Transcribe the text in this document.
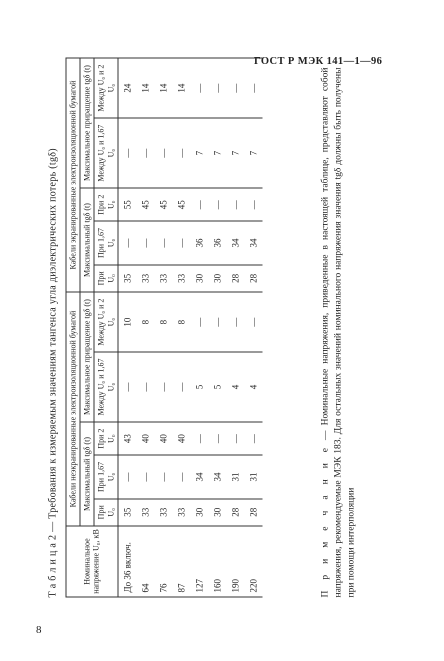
ГОСТ Р МЭК 141—1—96
8
Т а б л и ц а 2 — Требования к измеряемым значениям тангенса угла диэлектрических потерь (tgδ)	Номинальное напряжение U₀, кВ	Кабели неэкранированные электроизоляционной бумагой					Кабели экранированные электроизоляционной бумагой				
	Максимальный tgδ (t)			Максимальное приращение tgδ (t)		Максимальный tgδ (t)			Максимальное приращение tgδ (t)	
	При U₀	При 1,67 U₀	При 2 U₀	Между U₀ и 1,67 U₀	Между U₀ и 2 U₀	При U₀	При 1,67 U₀	При 2 U₀	Между U₀ и 1,67 U₀	Между U₀ и 2 U₀
До 36 включ.	35	—	43	—	10	35	—	55	—	24
64	33	—	40	—	8	33	—	45	—	14
76	33	—	40	—	8	33	—	45	—	14
87	33	—	40	—	8	33	—	45	—	14
127	30	34	—	5	—	30	36	—	7	—
160	30	34	—	5	—	30	36	—	7	—
190	28	31	—	4	—	28	34	—	7	—
220	28	31	—	4	—	28	34	—	7	—
П р и м е ч а н и е — Номинальные напряжения, приведенные в настоящей таблице, представляют собой напряжения, рекомендуемые МЭК 183. Для остальных значений номинального напряжения значения tgδ должны быть получены при помощи интерполяции
